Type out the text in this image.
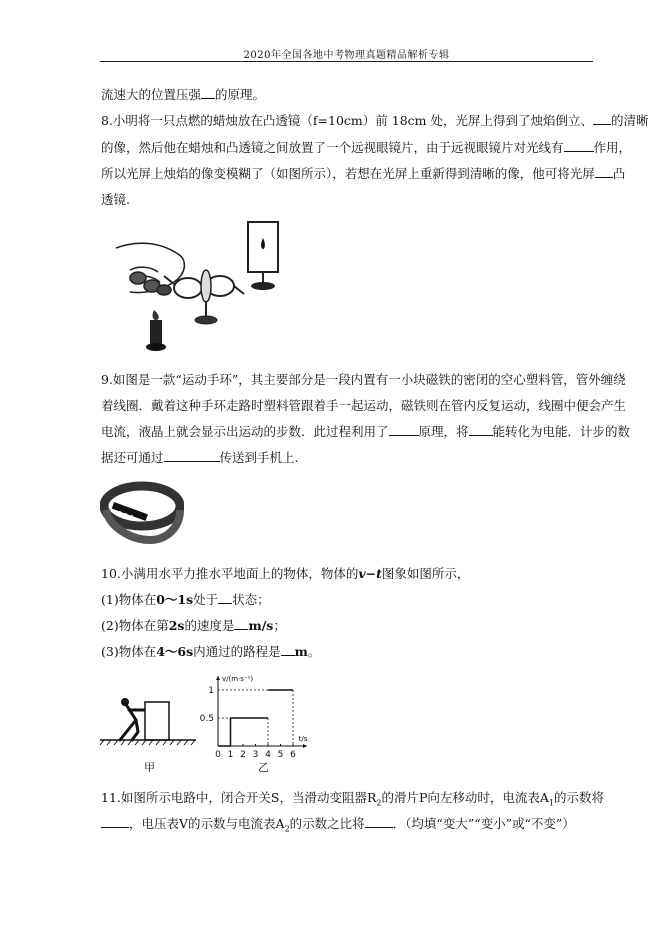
2020年全国各地中考物理真题精品解析专辑
流速大的位置压强 的原理。
8.小明将一只点燃的蜡烛放在凸透镜（f=10cm）前 18cm 处，光屏上得到了烛焰倒立、 的清晰
的像，然后他在蜡烛和凸透镜之间放置了一个远视眼镜片，由于远视眼镜片对光线有 作用，
所以光屏上烛焰的像变模糊了（如图所示），若想在光屏上重新得到清晰的像，他可将光屏 凸
透镜.
9.如图是一款“运动手环”，其主要部分是一段内置有一小块磁铁的密闭的空心塑料管，管外缠绕
着线圈．戴着这种手环走路时塑料管跟着手一起运动，磁铁则在管内反复运动，线圈中便会产生
电流，液晶上就会显示出运动的步数．此过程利用了 原理，将 能转化为电能．计步的数
据还可通过	传送到手机上.
10.小满用水平力推水平地面上的物体，物体的v−t图象如图所示，
(1)物体在0～1s处于 状态；
(2)物体在第2s的速度是 m/s；
(3)物体在4～6s内通过的路程是 m。
甲
v/(m·s⁻¹)
t/s
1
0.5
0 1 2 3 4 5 6
乙
11.如图所示电路中，闭合开关S，当滑动变阻器$R_2$的滑片P向左移动时，电流表$A_1$的示数将
，电压表V的示数与电流表$A_2$的示数之比将 ．（均填“变大”“变小”或“不变”）
